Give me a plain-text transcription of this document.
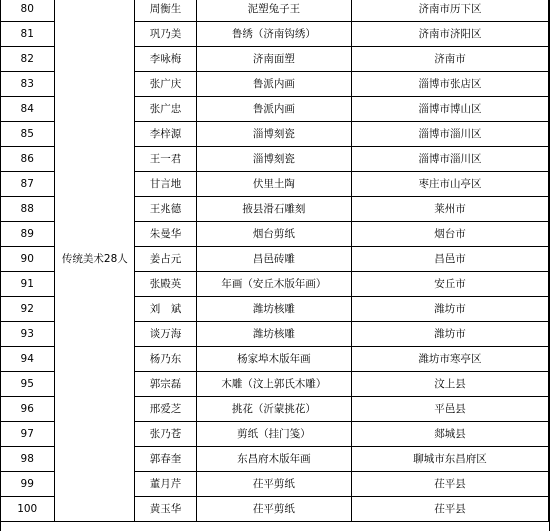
80	传统美术28人	周衡生	泥塑兔子王	济南市历下区
81		巩乃美	鲁绣（济南钩绣）	济南市济阳区
82		李咏梅	济南面塑	济南市
83		张广庆	鲁派内画	淄博市张店区
84		张广忠	鲁派内画	淄博市博山区
85		李梓源	淄博刻瓷	淄博市淄川区
86		王一君	淄博刻瓷	淄博市淄川区
87		甘言地	伏里土陶	枣庄市山亭区
88		王兆德	掖县滑石雕刻	莱州市
89		朱曼华	烟台剪纸	烟台市
90		姜占元	昌邑砖雕	昌邑市
91		张殿英	年画（安丘木版年画）	安丘市
92		刘　斌	潍坊核雕	潍坊市
93		谈万海	潍坊核雕	潍坊市
94		杨乃东	杨家埠木版年画	潍坊市寒亭区
95		郭宗磊	木雕（汶上郭氏木雕）	汶上县
96		邢爱芝	挑花（沂蒙挑花）	平邑县
97		张乃苍	剪纸（挂门笺）	郯城县
98		郭春奎	东昌府木版年画	聊城市东昌府区
99		董月芹	茌平剪纸	茌平县
100		黄玉华	茌平剪纸	茌平县
